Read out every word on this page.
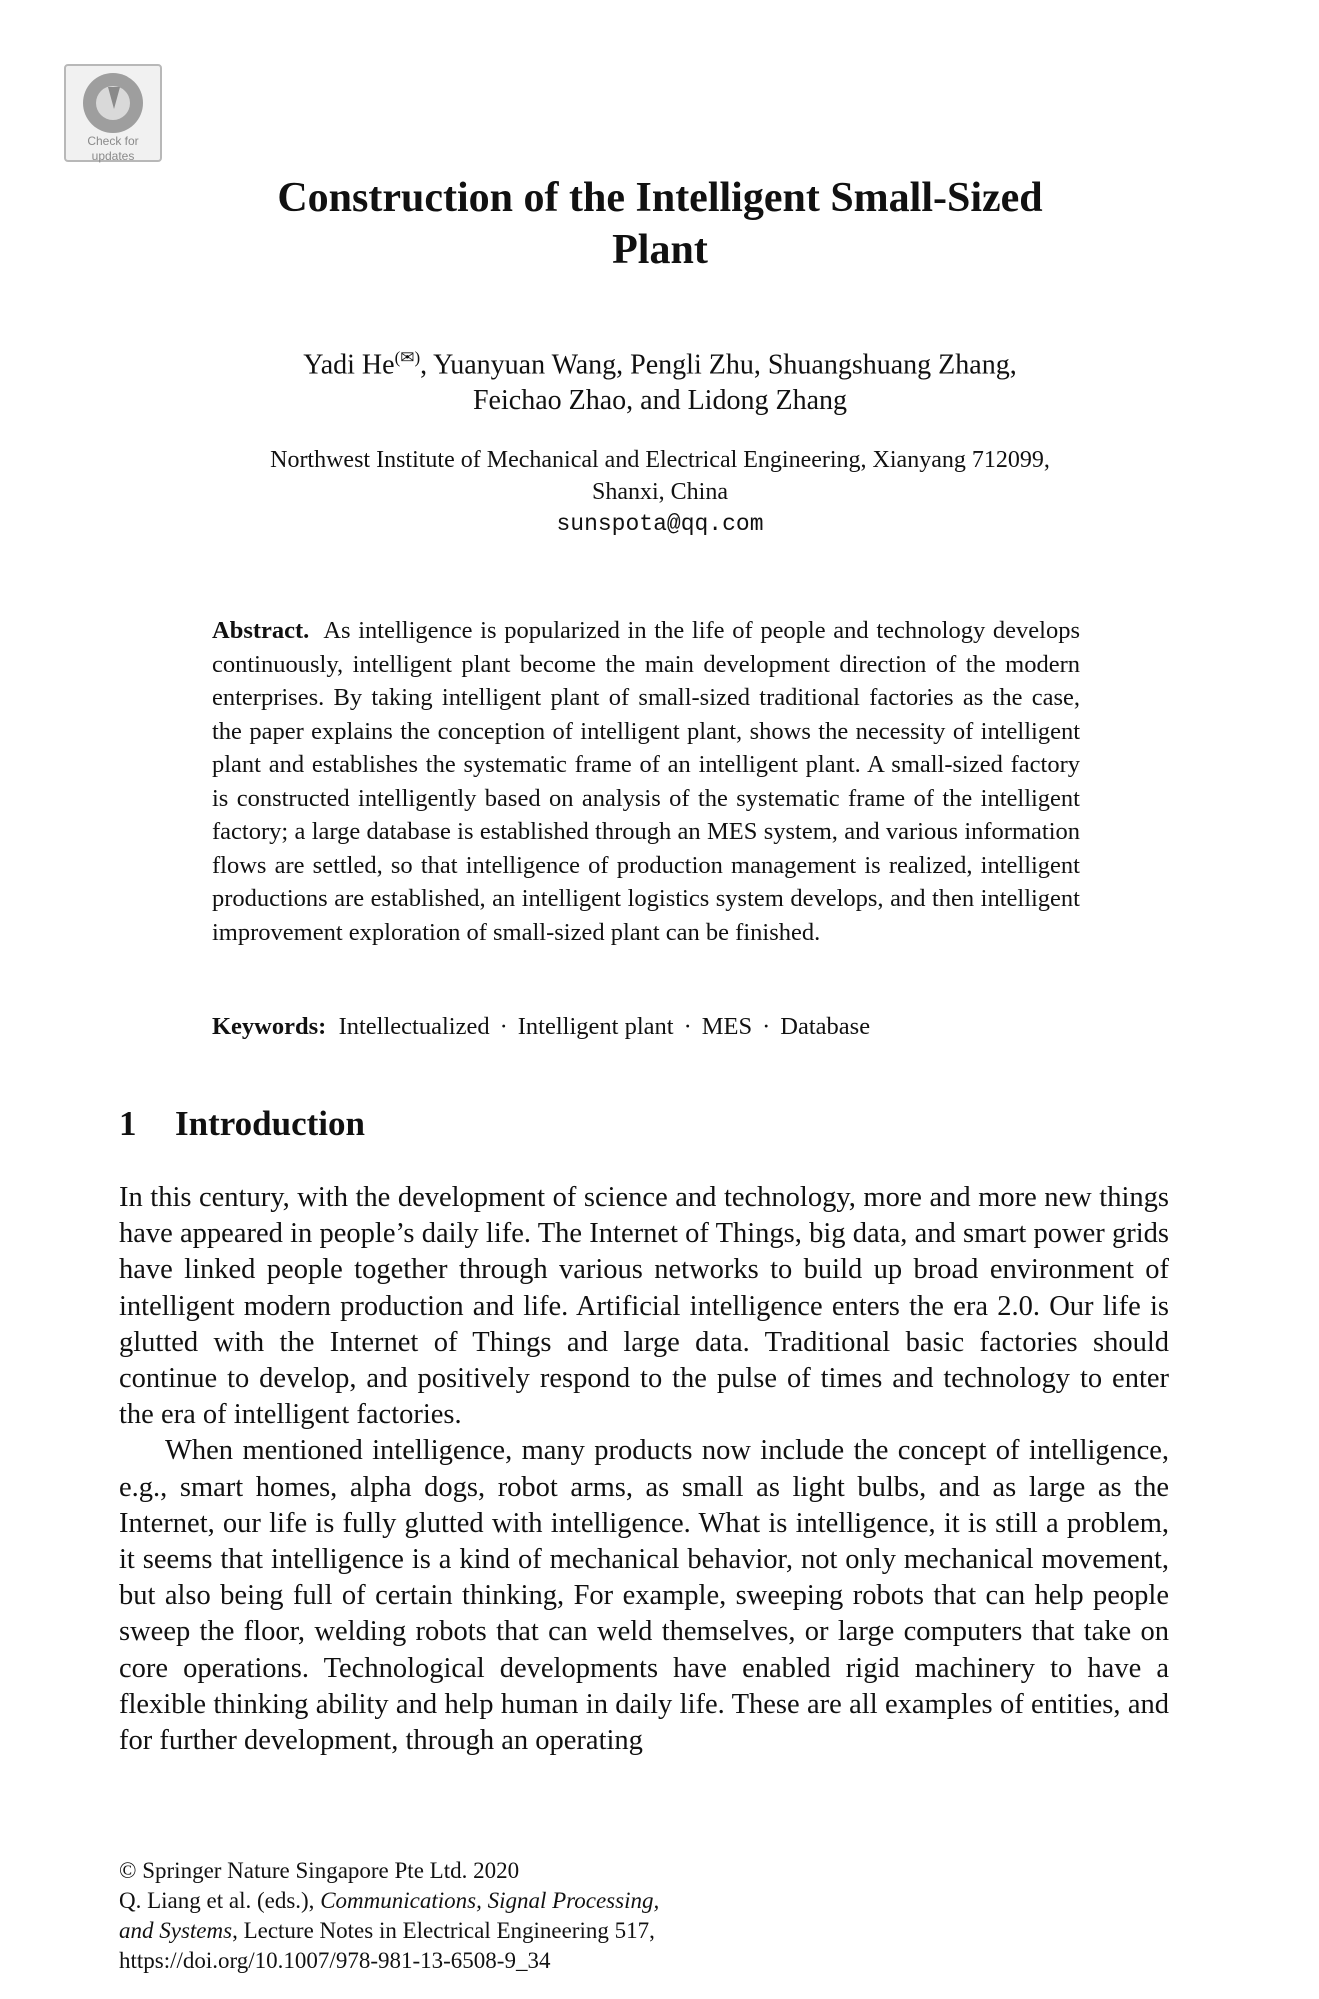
Check for
updates
Construction of the Intelligent Small-Sized
Plant
Yadi He(✉), Yuanyuan Wang, Pengli Zhu, Shuangshuang Zhang,
Feichao Zhao, and Lidong Zhang
Northwest Institute of Mechanical and Electrical Engineering, Xianyang 712099,
Shanxi, China
sunspota@qq.com
Abstract. As intelligence is popularized in the life of people and technology develops continuously, intelligent plant become the main development direction of the modern enterprises. By taking intelligent plant of small-sized traditional factories as the case, the paper explains the conception of intelligent plant, shows the necessity of intelligent plant and establishes the systematic frame of an intelligent plant. A small-sized factory is constructed intelligently based on analysis of the systematic frame of the intelligent factory; a large database is established through an MES system, and various information flows are settled, so that intelligence of production management is realized, intelligent productions are established, an intelligent logistics system develops, and then intelligent improvement exploration of small-sized plant can be finished.
Keywords: Intellectualized · Intelligent plant · MES · Database
1 Introduction

In this century, with the development of science and technology, more and more new things have appeared in people’s daily life. The Internet of Things, big data, and smart power grids have linked people together through various networks to build up broad environment of intelligent modern production and life. Artificial intelligence enters the era 2.0. Our life is glutted with the Internet of Things and large data. Traditional basic factories should continue to develop, and positively respond to the pulse of times and technology to enter the era of intelligent factories.

When mentioned intelligence, many products now include the concept of intelligence, e.g., smart homes, alpha dogs, robot arms, as small as light bulbs, and as large as the Internet, our life is fully glutted with intelligence. What is intelligence, it is still a problem, it seems that intelligence is a kind of mechanical behavior, not only mechanical movement, but also being full of certain thinking, For example, sweeping robots that can help people sweep the floor, welding robots that can weld themselves, or large computers that take on core operations. Technological developments have enabled rigid machinery to have a flexible thinking ability and help human in daily life. These are all examples of entities, and for further development, through an operating

© Springer Nature Singapore Pte Ltd. 2020
Q. Liang et al. (eds.), Communications, Signal Processing,
and Systems, Lecture Notes in Electrical Engineering 517,
https://doi.org/10.1007/978-981-13-6508-9_34
